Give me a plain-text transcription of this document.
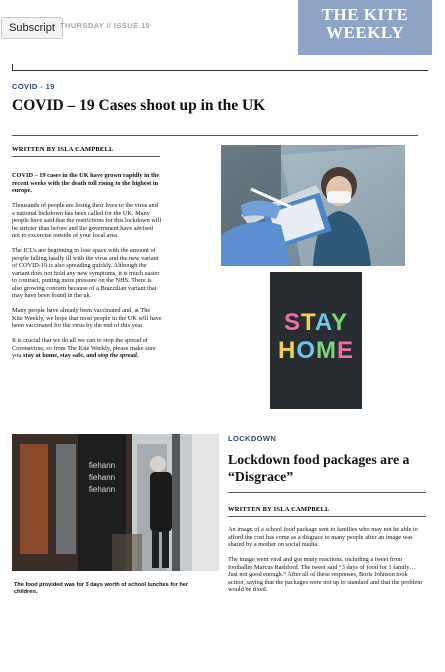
Subscript THURSDAY // ISSUE 19
THE KITE
WEEKLY
COVID - 19
COVID – 19 Cases shoot up in the UK
WRITTEN BY ISLA CAMPBELL

COVID – 19 cases in the UK have grown rapidly in the recent weeks with the death toll rising to the highest in europe.

Thousands of people are losing their lives to the virus and a national lockdown has been called for the UK. Many people have said that the restrictions for this lockdown will be stricter than before and the government have advised not to excercise outside of your local area.

The ICUs are beginning to lose space with the amount of people falling fatally ill with the virus and the new variant of COVID-19 is also spreading quickly. Although the variant does not hold any new symptoms, it is much easier to contract, putting more pressure on the NHS. There is also growing concern because of a Brazzilian variant that may have been found in the uk.

Many people have already been vaccinated and, at The Kite Weekly, we hope that most people in the UK will have been vaccinated for the virus by the end of this year.

It is crucial that we do all we can to stop the spread of Coronavirus, so from The Kite Weekly, please make sure you stay at home, stay safe, and stop the spread.

STAY
HOME
fiehann
fiehann
fiehann
The food provided was for 3 days worth of school lunches for her children.
LOCKDOWN
Lockdown food packages are a “Disgrace”
WRITTEN BY ISLA CAMPBELL

An image of a school food package sent to families who may not be able to afford the cost has come as a disgrace to many people after an image was shared by a mother on social media.

The image went viral and got many reactions, including a tweet from footballer Marcus Rashford. The tweet said “3 days of food for 1 family… Just not good enough.” After all of these responses, Boris Johnson took action, saying that the packages were not up to standard and that the problem would be fixed.
